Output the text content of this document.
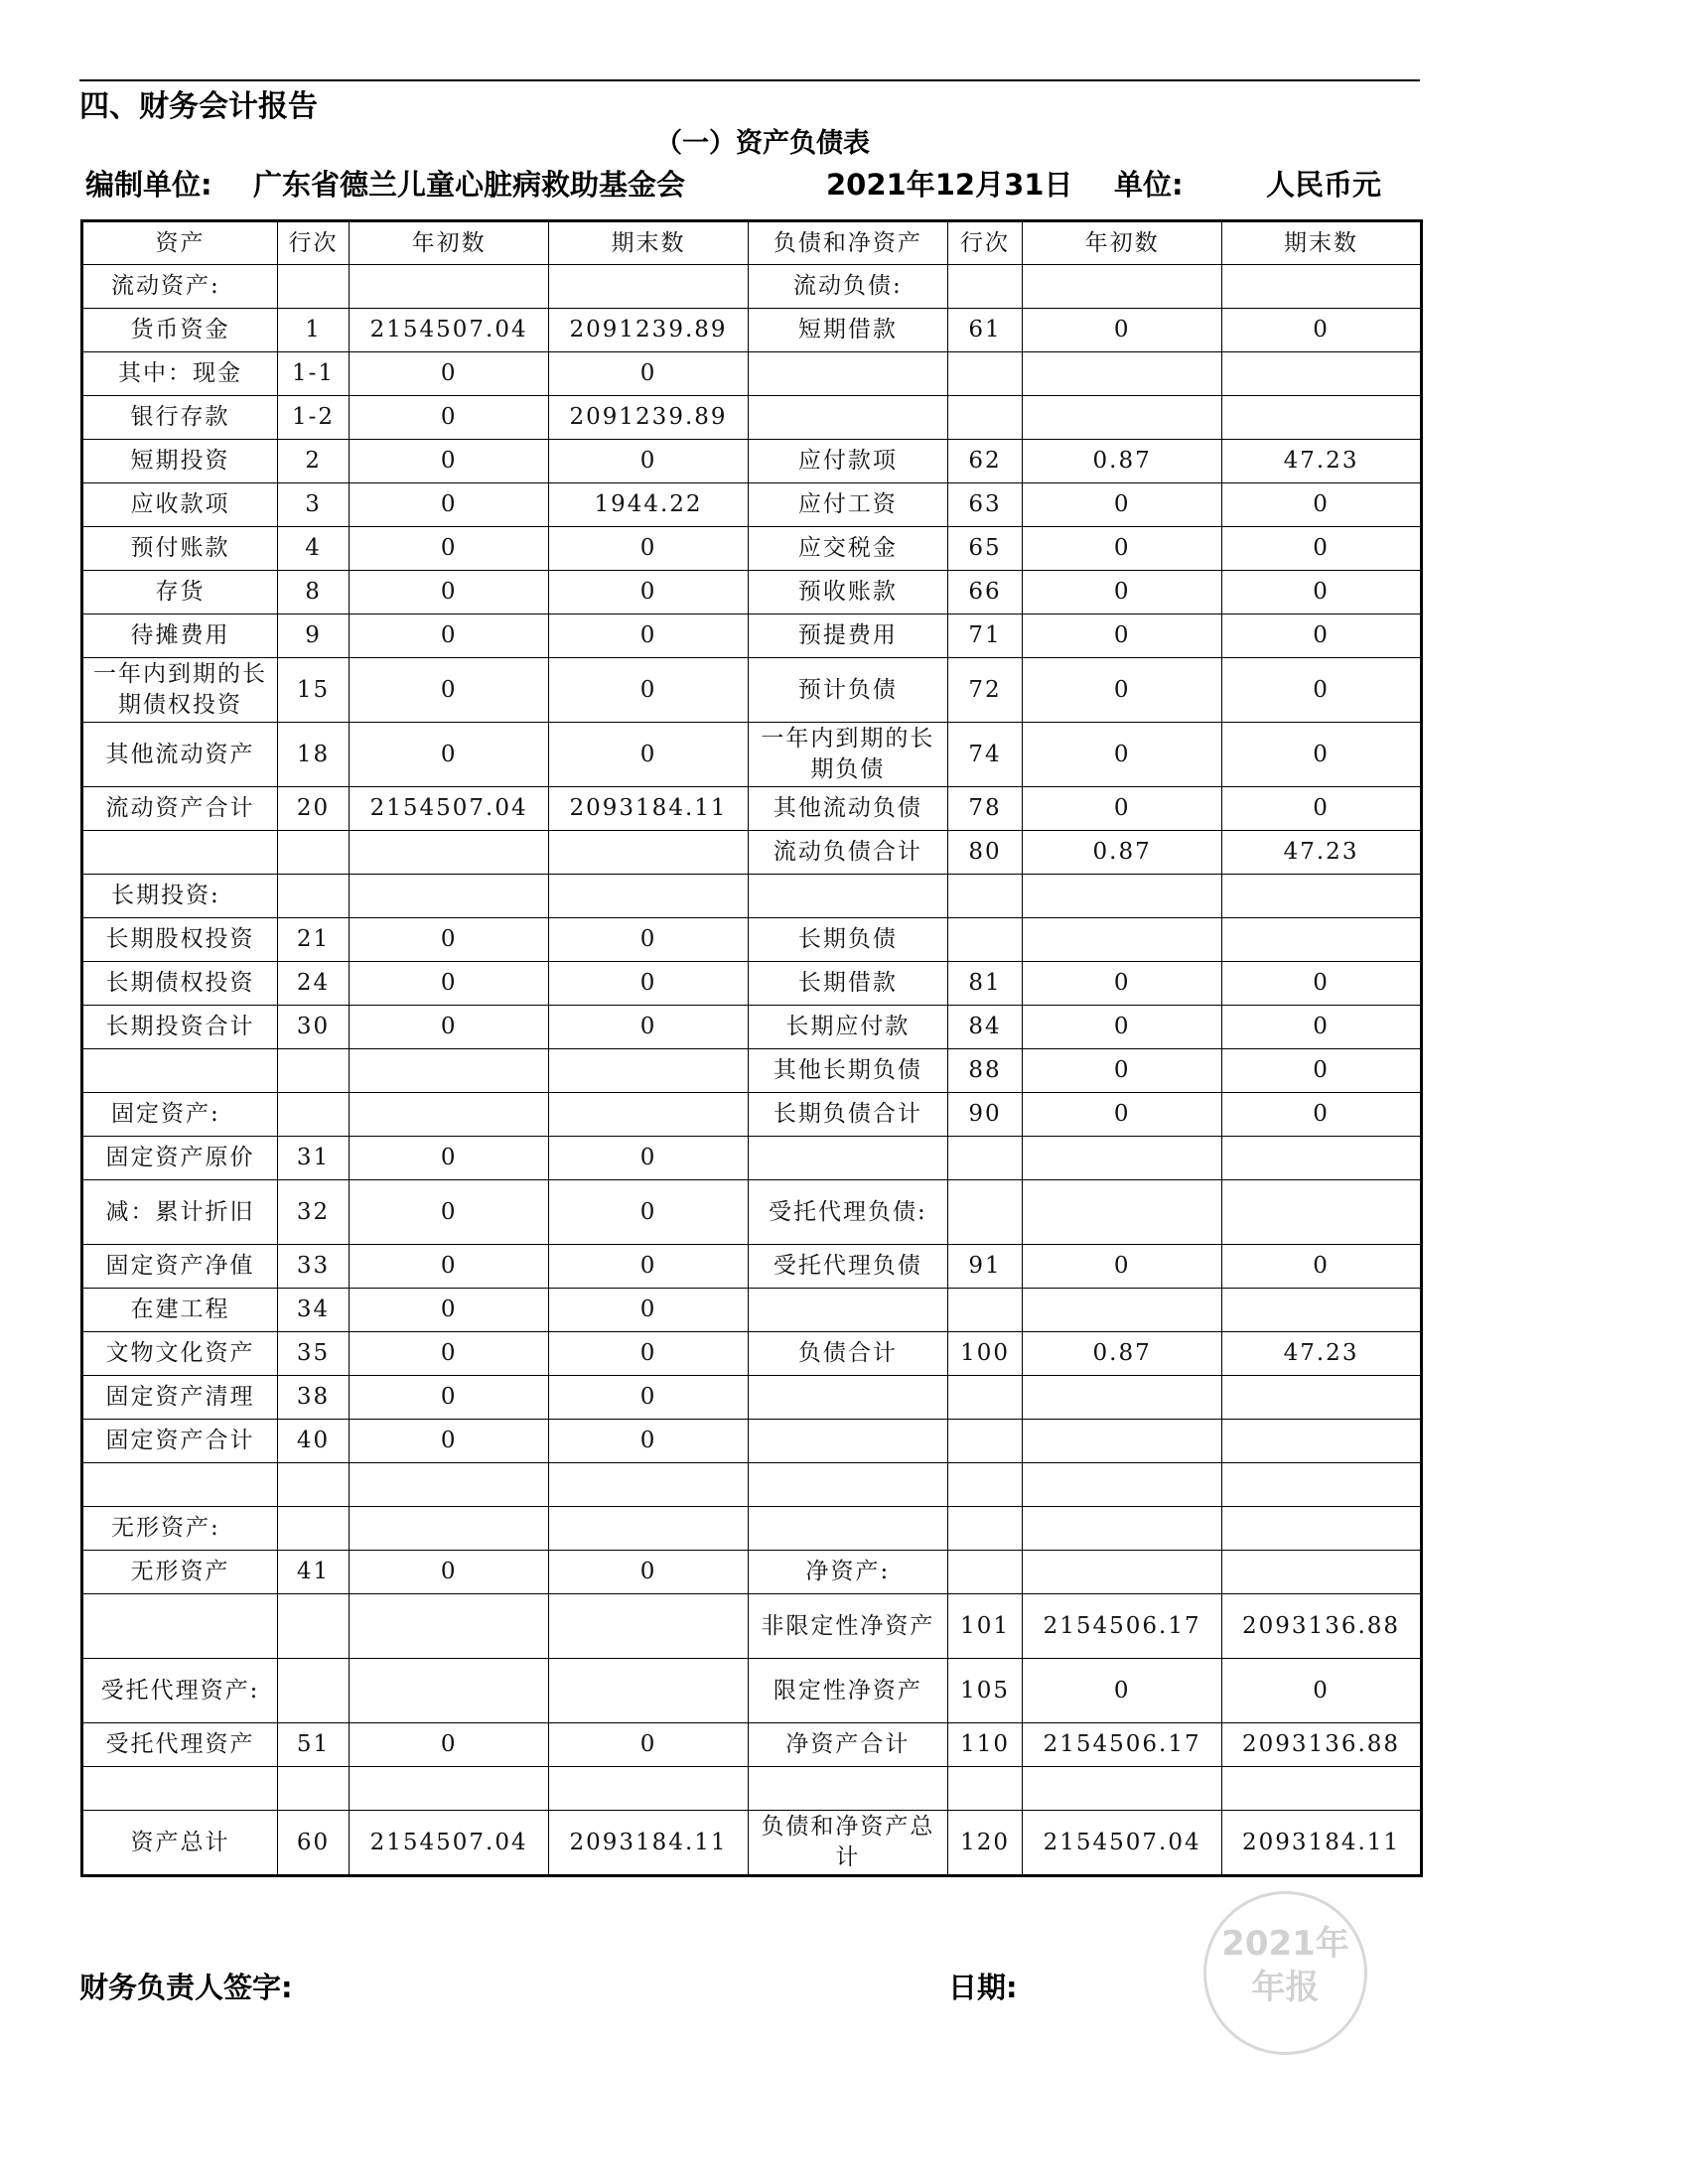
四、财务会计报告
（一）资产负债表
编制单位: 广东省德兰儿童心脏病救助基金会	2021年12月31日 单位:	人民币元
资产	行次	年初数	期末数	负债和净资产	行次	年初数	期末数
流动资产:				流动负债:			
货币资金	1	2154507.04	2091239.89	短期借款	61	0	0
其中：现金	1-1	0	0				
银行存款	1-2	0	2091239.89				
短期投资	2	0	0	应付款项	62	0.87	47.23
应收款项	3	0	1944.22	应付工资	63	0	0
预付账款	4	0	0	应交税金	65	0	0
存货	8	0	0	预收账款	66	0	0
待摊费用	9	0	0	预提费用	71	0	0
一年内到期的长期债权投资	15	0	0	预计负债	72	0	0
其他流动资产	18	0	0	一年内到期的长期负债	74	0	0
流动资产合计	20	2154507.04	2093184.11	其他流动负债	78	0	0
				流动负债合计	80	0.87	47.23
长期投资:							
长期股权投资	21	0	0	长期负债			
长期债权投资	24	0	0	长期借款	81	0	0
长期投资合计	30	0	0	长期应付款	84	0	0
				其他长期负债	88	0	0
固定资产:				长期负债合计	90	0	0
固定资产原价	31	0	0				
减：累计折旧	32	0	0	受托代理负债:			
固定资产净值	33	0	0	受托代理负债	91	0	0
在建工程	34	0	0				
文物文化资产	35	0	0	负债合计	100	0.87	47.23
固定资产清理	38	0	0				
固定资产合计	40	0	0				

无形资产:							
无形资产	41	0	0	净资产:			
				非限定性净资产	101	2154506.17	2093136.88
受托代理资产:				限定性净资产	105	0	0
受托代理资产	51	0	0	净资产合计	110	2154506.17	2093136.88

资产总计	60	2154507.04	2093184.11	负债和净资产总计	120	2154507.04	2093184.11
财务负责人签字:	日期:
2021年
年报
